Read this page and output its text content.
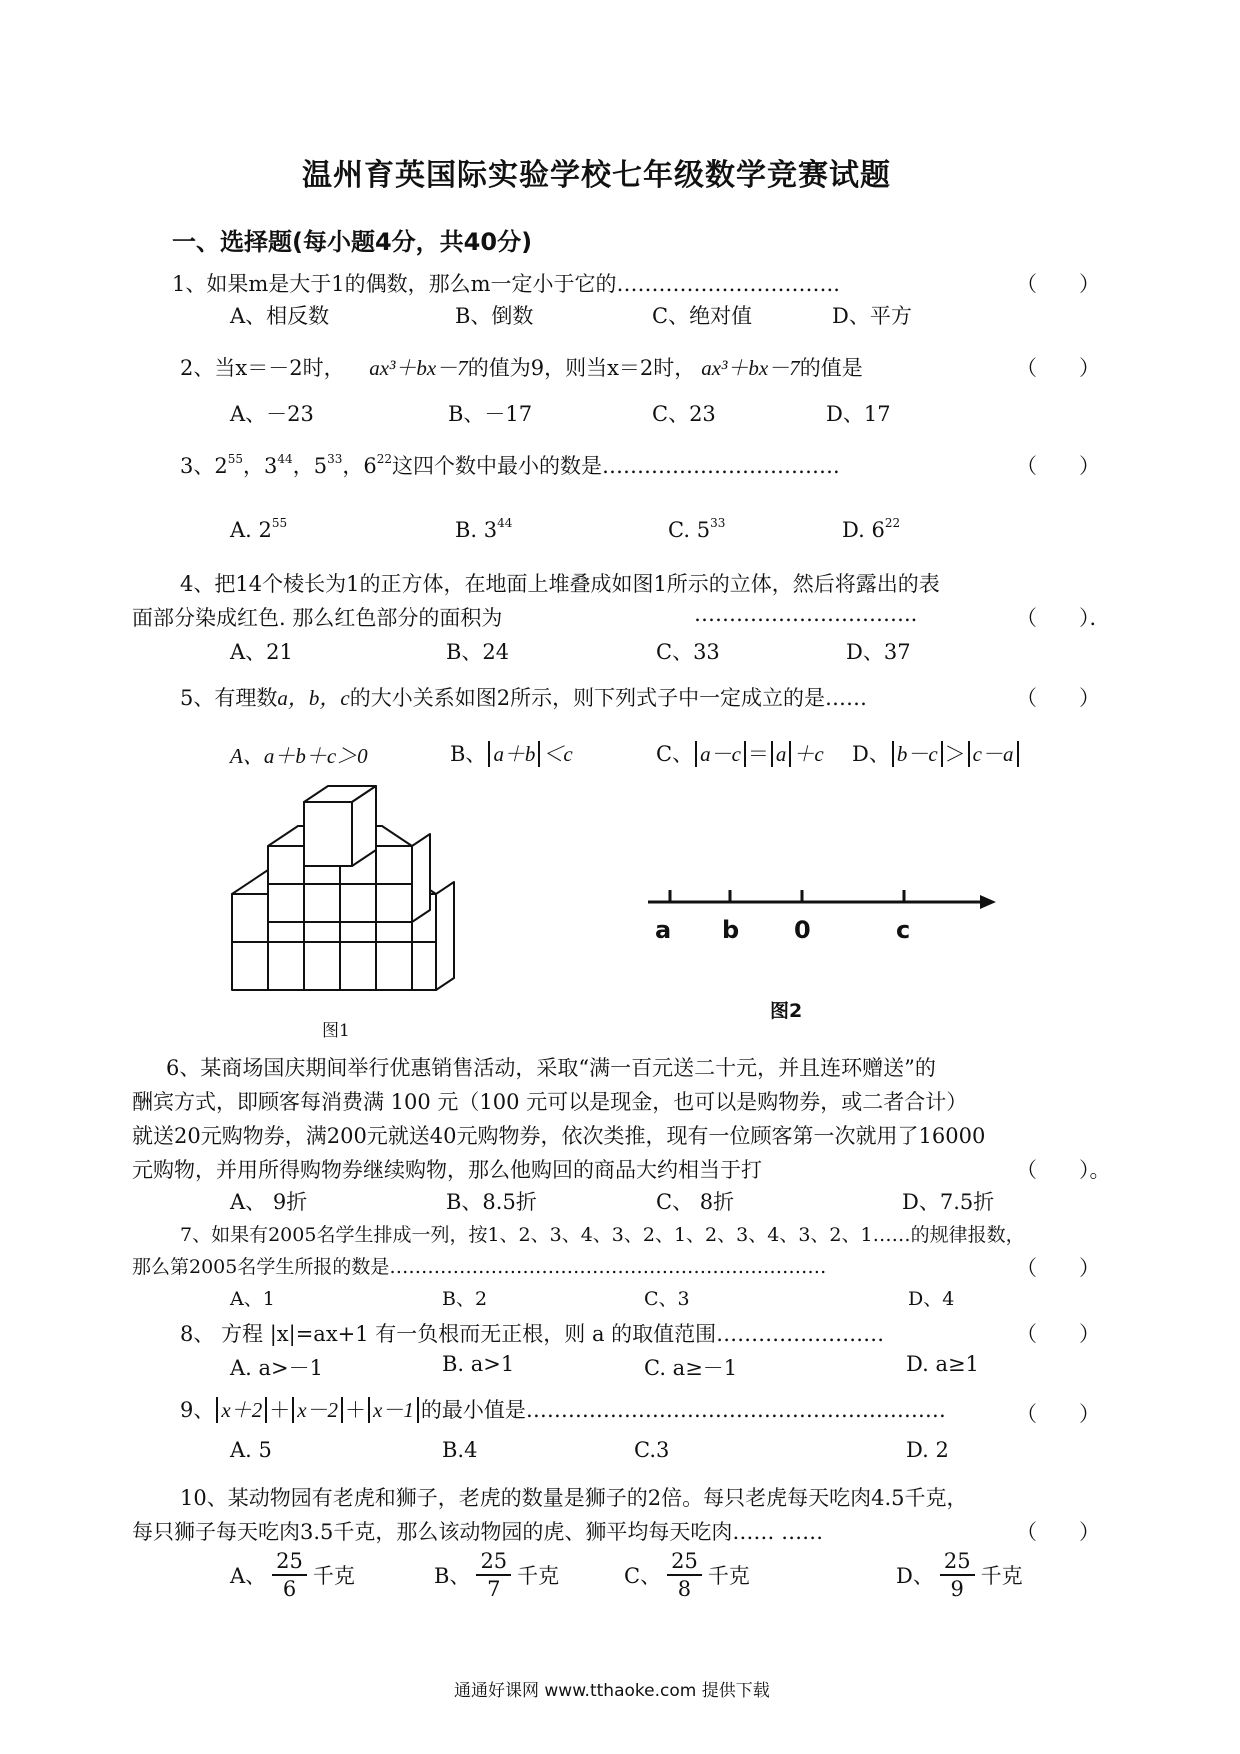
温州育英国际实验学校七年级数学竞赛试题
一、选择题(每小题4分，共40分)
1、如果m是大于1的偶数，那么m一定小于它的…………………………..	（　　）
A、相反数	B、倒数	C、绝对值	D、平方
2、当x＝－2时， ax³＋bx－7的值为9，则当x＝2时， ax³＋bx－7的值是	（　　）
A、－23	B、－17	C、23	D、17
3、$2^{55}$，$3^{44}$，$5^{33}$，$6^{22}$这四个数中最小的数是…………………………….	（　　）
A. $2^{55}$	B. $3^{44}$	C. $5^{33}$	D. $6^{22}$
4、把14个棱长为1的正方体，在地面上堆叠成如图1所示的立体，然后将露出的表
面部分染成红色. 那么红色部分的面积为	…………………………..	（　　）．
A、21	B、24	C、33	D、37
5、有理数a，b，c的大小关系如图2所示，则下列式子中一定成立的是……	（　　）
A、a＋b＋c＞0	B、 a＋b ＜c	C、 a－c ＝ a ＋c D、 b－c ＞ c－a
图1
a b 0	c
图2
6、某商场国庆期间举行优惠销售活动，采取“满一百元送二十元，并且连环赠送”的
酬宾方式，即顾客每消费满 100 元（100 元可以是现金，也可以是购物券，或二者合计）
就送20元购物券，满200元就送40元购物券，依次类推，现有一位顾客第一次就用了16000
元购物，并用所得购物券继续购物，那么他购回的商品大约相当于打	（　　）。
A、 9折	B、8.5折	C、 8折	D、7.5折
7、如果有2005名学生排成一列，按1、2、3、4、3、2、1、2、3、4、3、2、1……的规律报数，
那么第2005名学生所报的数是……………………………………………………………	（　　）
A、1	B、2	C、3	D、4
8、 方程 |x|=ax+1 有一负根而无正根，则 a 的取值范围……………………	（　　）
A. a>－1	B. a>1	C. a≥－1	D. a≥1
9、 x＋2 ＋ x－2 ＋ x－1 的最小值是……………………………………………………	（　　）
A. 5	B.4	C.3	D. 2
10、某动物园有老虎和狮子，老虎的数量是狮子的2倍。每只老虎每天吃肉4.5千克，
每只狮子每天吃肉3.5千克，那么该动物园的虎、狮平均每天吃肉…… ……	（　　）
A、 $\frac{25}{6}$ 千克	B、 $\frac{25}{7}$ 千克	C、 $\frac{25}{8}$ 千克	D、 $\frac{25}{9}$ 千克
通通好课网 www.tthaoke.com 提供下载
